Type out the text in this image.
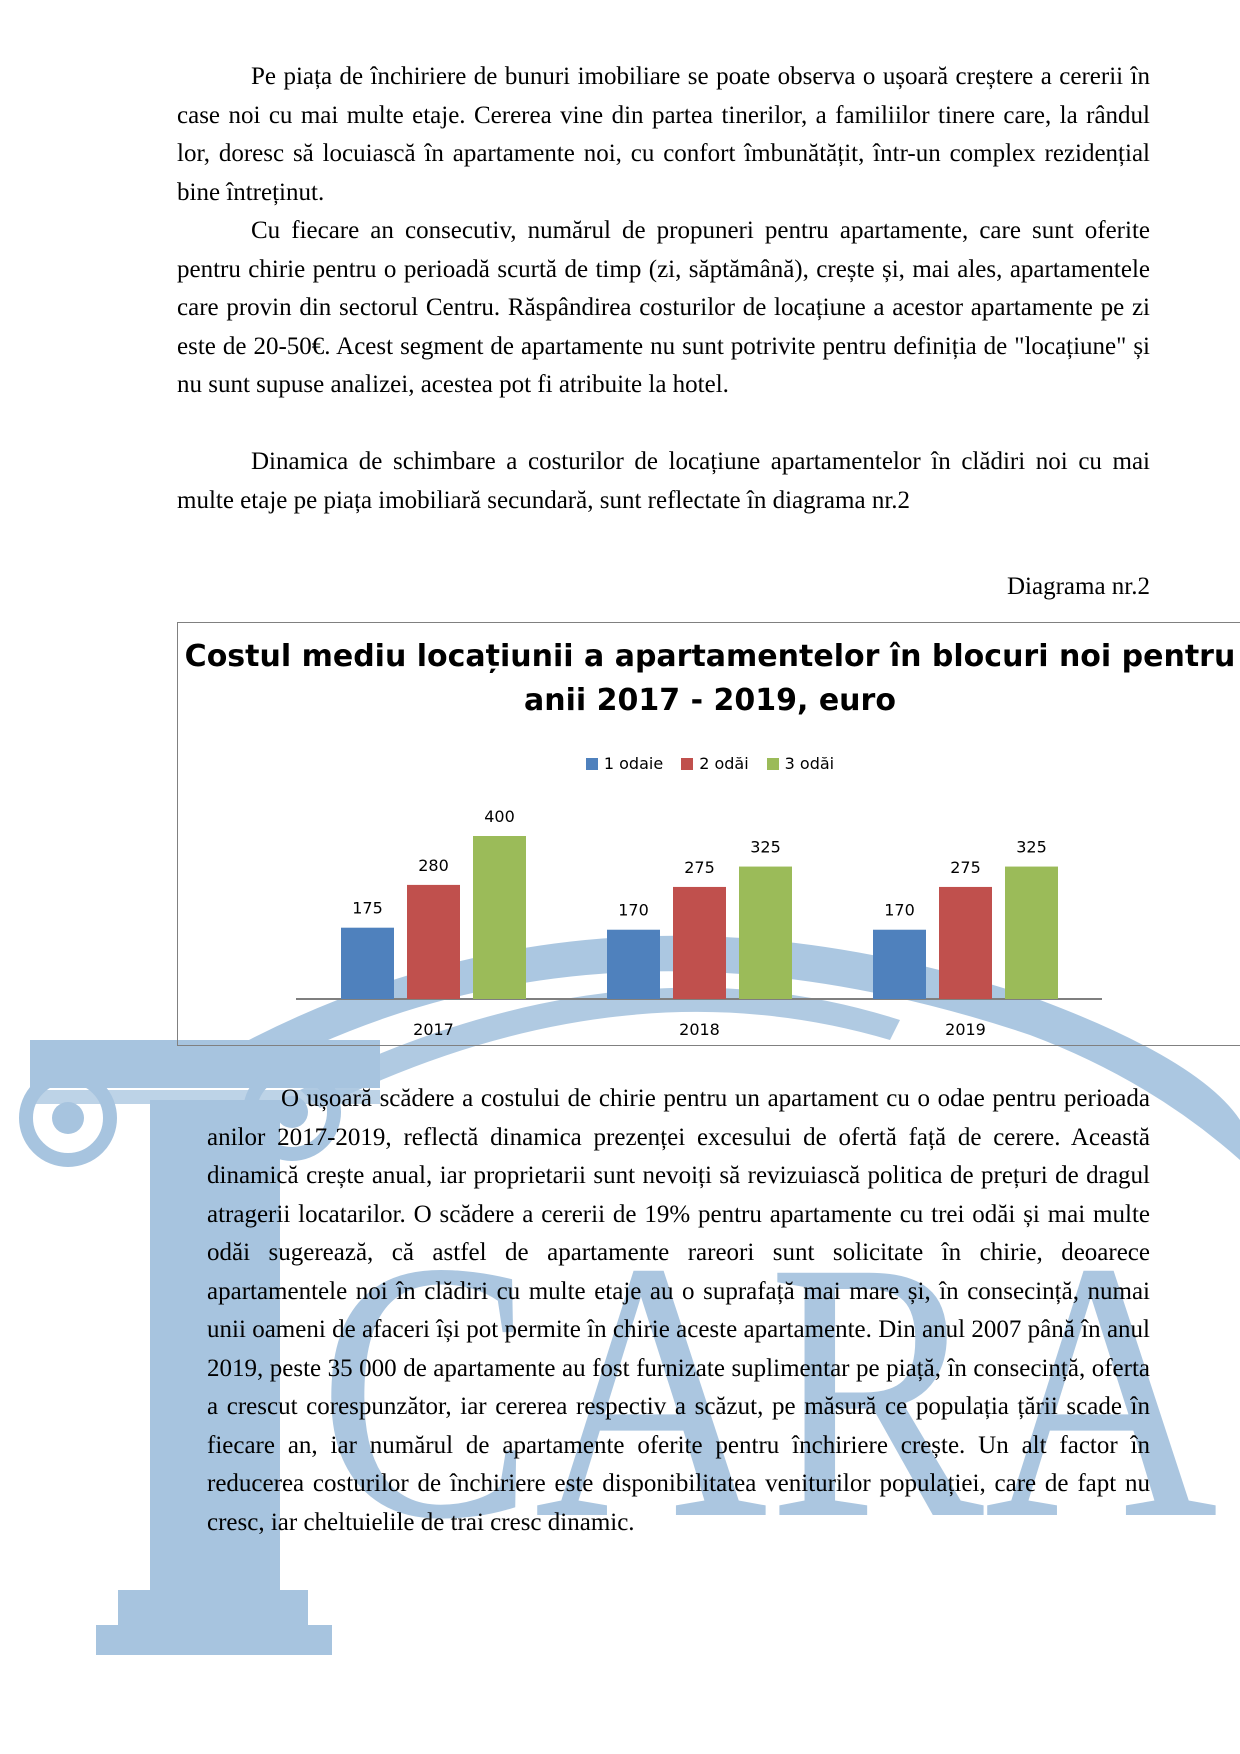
CARA

Pe piața de închiriere de bunuri imobiliare se poate observa o ușoară creștere a cererii în case noi cu mai multe etaje. Cererea vine din partea tinerilor, a familiilor tinere care, la rândul lor, doresc să locuiască în apartamente noi, cu confort îmbunătățit, într-un complex rezidențial bine întreținut.

Cu fiecare an consecutiv, numărul de propuneri pentru apartamente, care sunt oferite pentru chirie pentru o perioadă scurtă de timp (zi, săptămână), crește și, mai ales, apartamentele care provin din sectorul Centru. Răspândirea costurilor de locațiune a acestor apartamente pe zi este de 20-50€. Acest segment de apartamente nu sunt potrivite pentru definiția de "locațiune" și nu sunt supuse analizei, acestea pot fi atribuite la hotel.

Dinamica de schimbare a costurilor de locațiune apartamentelor în clădiri noi cu mai multe etaje pe piața imobiliară secundară, sunt reflectate în diagrama nr.2

Diagrama nr.2

Costul mediu locațiunii a apartamentelor în blocuri noi pentru anii 2017 - 2019, euro

1 odaie 2 odăi 3 odăi
175
280
400
2017
170
275
325
2018
170
275
325
2019

O ușoară scădere a costului de chirie pentru un apartament cu o odae pentru perioada anilor 2017-2019, reflectă dinamica prezenței excesului de ofertă față de cerere. Această dinamică crește anual, iar proprietarii sunt nevoiți să revizuiască politica de prețuri de dragul atragerii locatarilor. O scădere a cererii de 19% pentru apartamente cu trei odăi și mai multe odăi sugerează, că astfel de apartamente rareori sunt solicitate în chirie, deoarece apartamentele noi în clădiri cu multe etaje au o suprafață mai mare și, în consecință, numai unii oameni de afaceri își pot permite în chirie aceste apartamente. Din anul 2007 până în anul 2019, peste 35 000 de apartamente au fost furnizate suplimentar pe piață, în consecință, oferta a crescut corespunzător, iar cererea respectiv a scăzut, pe măsură ce populația țării scade în fiecare an, iar numărul de apartamente oferite pentru închiriere crește. Un alt factor în reducerea costurilor de închiriere este disponibilitatea veniturilor populației, care de fapt nu cresc, iar cheltuielile de trai cresc dinamic.
